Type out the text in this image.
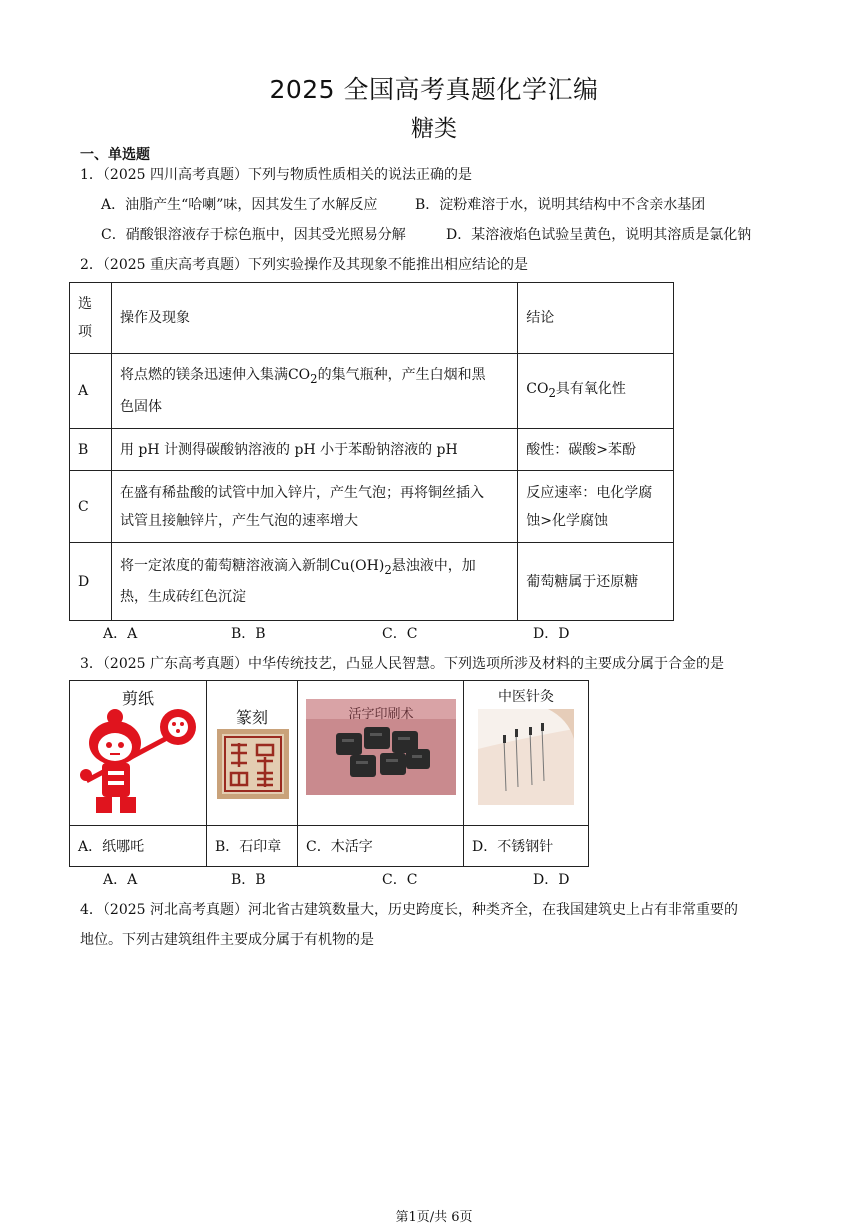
2025 全国高考真题化学汇编
糖类
一、单选题
1．（2025 四川高考真题）下列与物质性质相关的说法正确的是
A．油脂产生“哈喇”味，因其发生了水解反应	B．淀粉难溶于水，说明其结构中不含亲水基团
C．硝酸银溶液存于棕色瓶中，因其受光照易分解	D．某溶液焰色试验呈黄色，说明其溶质是氯化钠
2．（2025 重庆高考真题）下列实验操作及其现象不能推出相应结论的是
选
项	操作及现象	结论
A	将点燃的镁条迅速伸入集满$CO_2$的集气瓶种，产生白烟和黑
色固体	$CO_2$具有氧化性
B	用 pH 计测得碳酸钠溶液的 pH 小于苯酚钠溶液的 pH	酸性：碳酸>苯酚
C	在盛有稀盐酸的试管中加入锌片，产生气泡；再将铜丝插入
试管且接触锌片，产生气泡的速率增大	反应速率：电化学腐
蚀>化学腐蚀
D	将一定浓度的葡萄糖溶液滴入新制$Cu(OH)_2$悬浊液中，加
热，生成砖红色沉淀	葡萄糖属于还原糖
A．A	B．B	C．C	D．D
3．（2025 广东高考真题）中华传统技艺，凸显人民智慧。下列选项所涉及材料的主要成分属于合金的是
剪纸	篆刻	活字印刷术	中医针灸

A．纸哪吒	B．石印章	C．木活字	D．不锈钢针
A．A	B．B	C．C	D．D
4．（2025 河北高考真题）河北省古建筑数量大，历史跨度长，种类齐全，在我国建筑史上占有非常重要的
地位。下列古建筑组件主要成分属于有机物的是
第1页/共 6页
